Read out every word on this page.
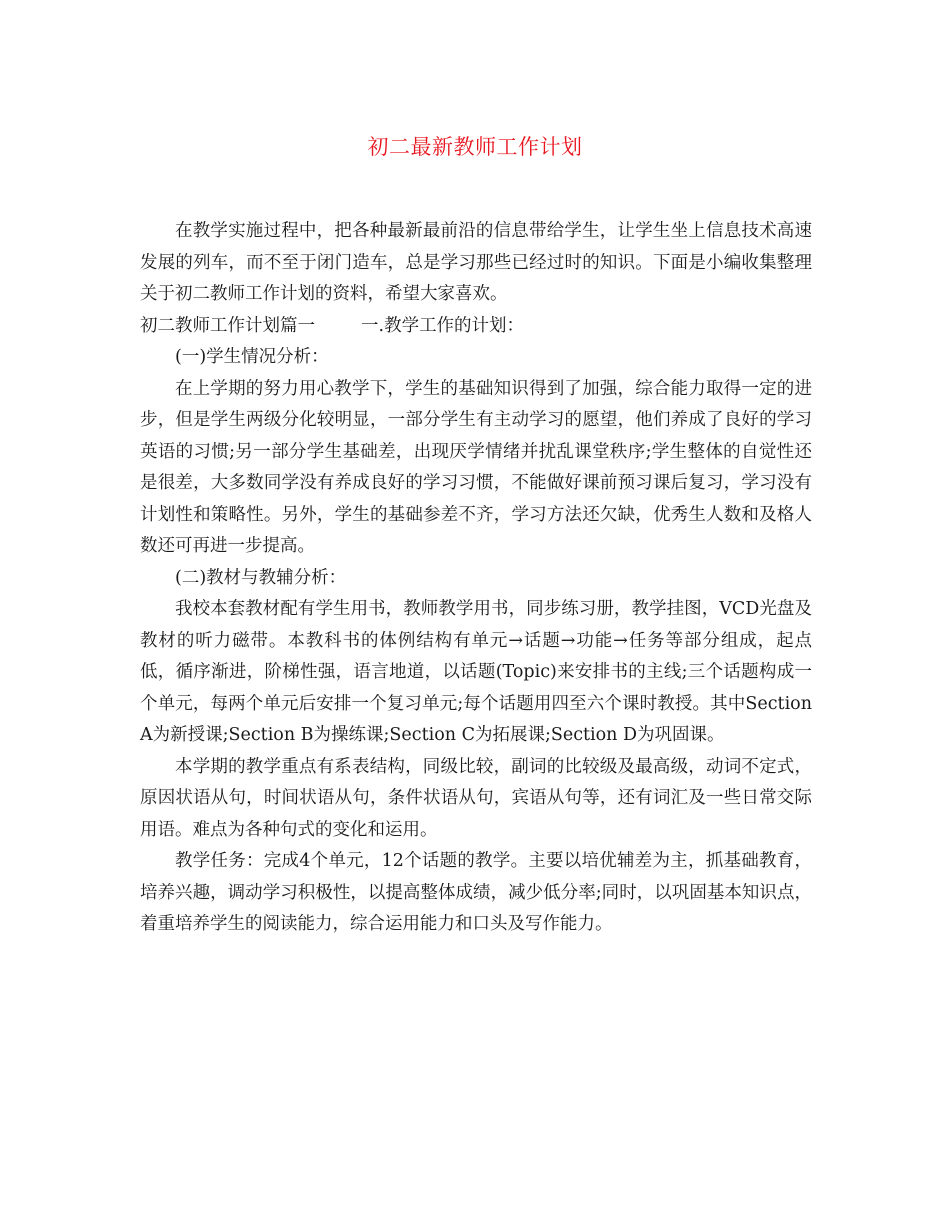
初二最新教师工作计划

在教学实施过程中，把各种最新最前沿的信息带给学生，让学生坐上信息技术高速发展的列车，而不至于闭门造车，总是学习那些已经过时的知识。下面是小编收集整理关于初二教师工作计划的资料，希望大家喜欢。

初二教师工作计划篇一	一.教学工作的计划：

(一)学生情况分析：

在上学期的努力用心教学下，学生的基础知识得到了加强，综合能力取得一定的进步，但是学生两级分化较明显，一部分学生有主动学习的愿望，他们养成了良好的学习英语的习惯;另一部分学生基础差，出现厌学情绪并扰乱课堂秩序;学生整体的自觉性还是很差，大多数同学没有养成良好的学习习惯，不能做好课前预习课后复习，学习没有计划性和策略性。另外，学生的基础参差不齐，学习方法还欠缺，优秀生人数和及格人数还可再进一步提高。

(二)教材与教辅分析：

我校本套教材配有学生用书，教师教学用书，同步练习册，教学挂图，VCD光盘及教材的听力磁带。本教科书的体例结构有单元→话题→功能→任务等部分组成，起点低，循序渐进，阶梯性强，语言地道，以话题(Topic)来安排书的主线;三个话题构成一个单元，每两个单元后安排一个复习单元;每个话题用四至六个课时教授。其中Section A为新授课;Section B为操练课;Section C为拓展课;Section D为巩固课。

本学期的教学重点有系表结构，同级比较，副词的比较级及最高级，动词不定式，原因状语从句，时间状语从句，条件状语从句，宾语从句等，还有词汇及一些日常交际用语。难点为各种句式的变化和运用。

教学任务：完成4个单元，12个话题的教学。主要以培优辅差为主，抓基础教育，培养兴趣，调动学习积极性，以提高整体成绩，减少低分率;同时，以巩固基本知识点，着重培养学生的阅读能力，综合运用能力和口头及写作能力。
